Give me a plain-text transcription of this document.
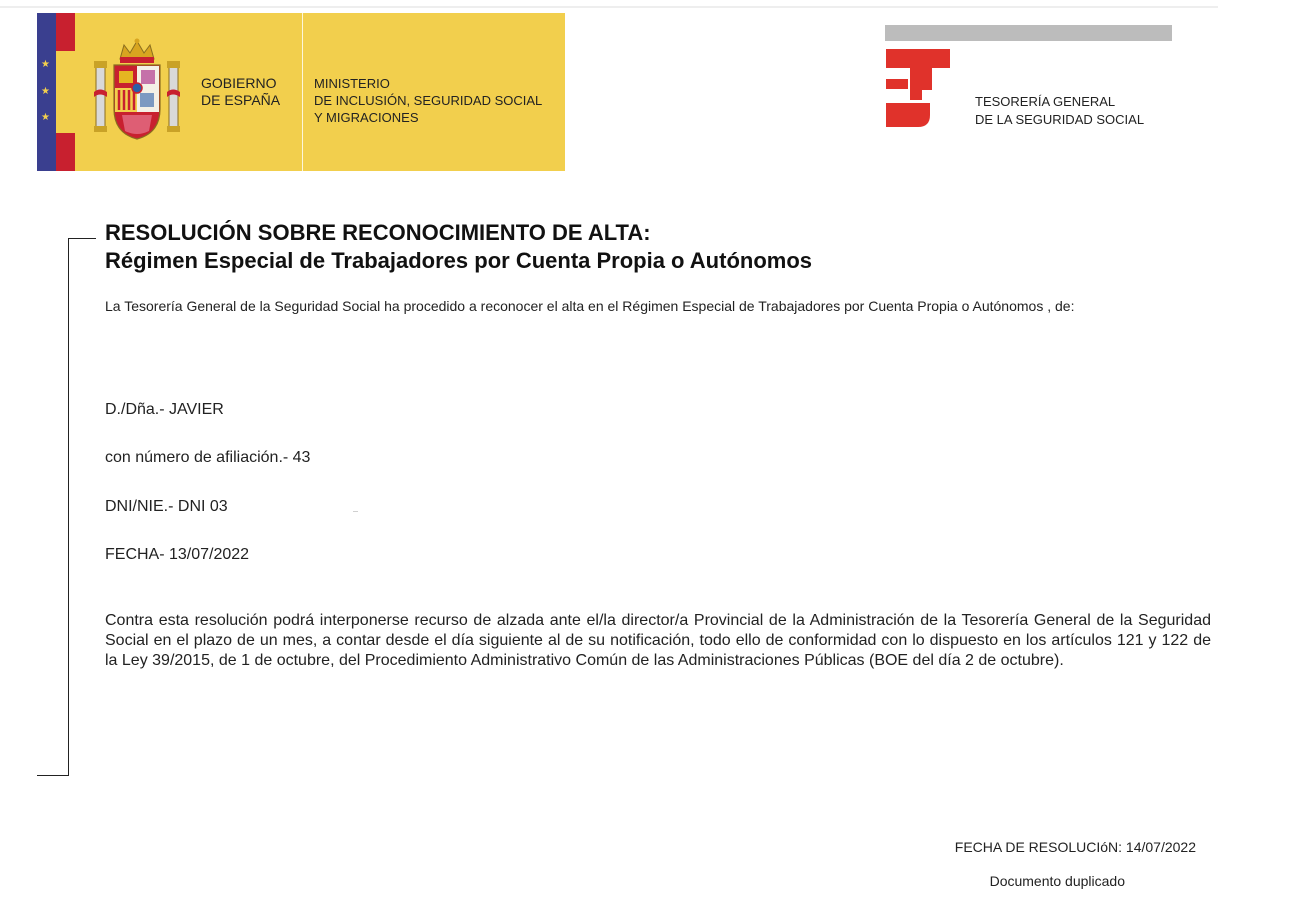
★
★
★
GOBIERNO
DE ESPAÑA
MINISTERIO
DE INCLUSIÓN, SEGURIDAD SOCIAL
Y MIGRACIONES
TESORERÍA GENERAL
DE LA SEGURIDAD SOCIAL
RESOLUCIÓN SOBRE RECONOCIMIENTO DE ALTA:
Régimen Especial de Trabajadores por Cuenta Propia o Autónomos
La Tesorería General de la Seguridad Social ha procedido a reconocer el alta en el Régimen Especial de Trabajadores por Cuenta Propia o Autónomos , de:
D./Dña.- JAVIER
con número de afiliación.- 43
DNI/NIE.- DNI 03
FECHA- 13/07/2022
Contra esta resolución podrá interponerse recurso de alzada ante el/la director/a Provincial de la Administración de la Tesorería General de la Seguridad Social en el plazo de un mes, a contar desde el día siguiente al de su notificación, todo ello de conformidad con lo dispuesto en los artículos 121 y 122 de la Ley 39/2015, de 1 de octubre, del Procedimiento Administrativo Común de las Administraciones Públicas (BOE del día 2 de octubre).
FECHA DE RESOLUCIóN: 14/07/2022
Documento duplicado
